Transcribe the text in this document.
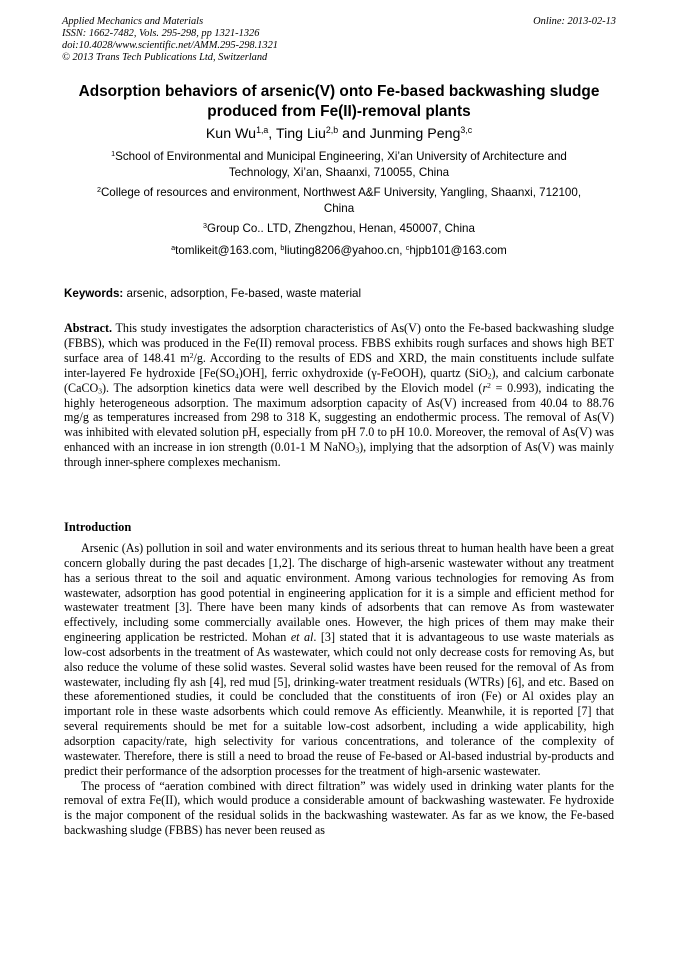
Applied Mechanics and Materials
ISSN: 1662-7482, Vols. 295-298, pp 1321-1326
doi:10.4028/www.scientific.net/AMM.295-298.1321
© 2013 Trans Tech Publications Ltd, Switzerland
Online: 2013-02-13
Adsorption behaviors of arsenic(V) onto Fe-based backwashing sludge
produced from Fe(II)-removal plants
Kun Wu$^{1,a}$, Ting Liu$^{2,b}$ and Junming Peng$^{3,c}$
$^1$School of Environmental and Municipal Engineering, Xi’an University of Architecture and
Technology, Xi’an, Shaanxi, 710055, China
$^2$College of resources and environment, Northwest A&F University, Yangling, Shaanxi, 712100,
China
$^3$Group Co.. LTD, Zhengzhou, Henan, 450007, China
$^a$tomlikeit@163.com, $^b$liuting8206@yahoo.cn, $^c$hjpb101@163.com
Keywords: arsenic, adsorption, Fe-based, waste material
Abstract. This study investigates the adsorption characteristics of As(V) onto the Fe-based backwashing sludge (FBBS), which was produced in the Fe(II) removal process. FBBS exhibits rough surfaces and shows high BET surface area of 148.41 $m^2/g$. According to the results of EDS and XRD, the main constituents include sulfate inter-layered Fe hydroxide $[Fe(SO_4)OH]$, ferric oxhydroxide (γ-FeOOH), quartz (SiO$_2$), and calcium carbonate (CaCO$_3$). The adsorption kinetics data were well described by the Elovich model $(r^2 = 0.993)$, indicating the highly heterogeneous adsorption. The maximum adsorption capacity of As(V) increased from 40.04 to 88.76 mg/g as temperatures increased from 298 to 318 K, suggesting an endothermic process. The removal of As(V) was inhibited with elevated solution pH, especially from pH 7.0 to pH 10.0. Moreover, the removal of As(V) was enhanced with an increase in ion strength (0.01-1 M NaNO$_3$), implying that the adsorption of As(V) was mainly through inner-sphere complexes mechanism.
Introduction

Arsenic (As) pollution in soil and water environments and its serious threat to human health have been a great concern globally during the past decades [1,2]. The discharge of high-arsenic wastewater without any treatment has a serious threat to the soil and aquatic environment. Among various technologies for removing As from wastewater, adsorption has good potential in engineering application for it is a simple and efficient method for wastewater treatment [3]. There have been many kinds of adsorbents that can remove As from wastewater effectively, including some commercially available ones. However, the high prices of them may make their engineering application be restricted. Mohan et al. [3] stated that it is advantageous to use waste materials as low-cost adsorbents in the treatment of As wastewater, which could not only decrease costs for removing As, but also reduce the volume of these solid wastes. Several solid wastes have been reused for the removal of As from wastewater, including fly ash [4], red mud [5], drinking-water treatment residuals (WTRs) [6], and etc. Based on these aforementioned studies, it could be concluded that the constituents of iron (Fe) or Al oxides play an important role in these waste adsorbents which could remove As efficiently. Meanwhile, it is reported [7] that several requirements should be met for a suitable low-cost adsorbent, including a wide applicability, high adsorption capacity/rate, high selectivity for various concentrations, and tolerance of the complexity of wastewater. Therefore, there is still a need to broad the reuse of Fe-based or Al-based industrial by-products and predict their performance of the adsorption processes for the treatment of high-arsenic wastewater.

The process of “aeration combined with direct filtration” was widely used in drinking water plants for the removal of extra Fe(II), which would produce a considerable amount of backwashing wastewater. Fe hydroxide is the major component of the residual solids in the backwashing wastewater. As far as we know, the Fe-based backwashing sludge (FBBS) has never been reused as
